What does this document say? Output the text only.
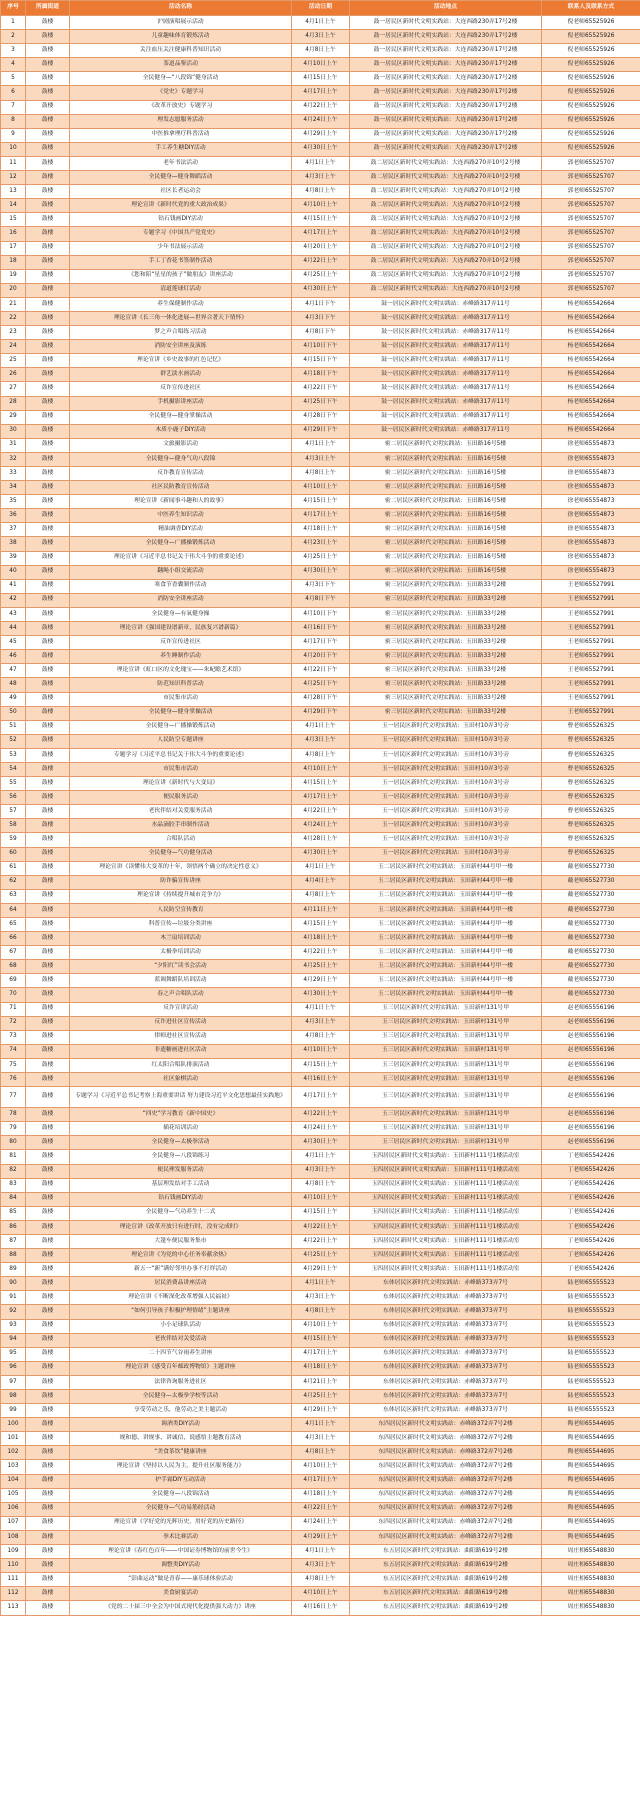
序号	所属街道	活动名称	活动日期	活动地点	联系人及联系方式
1	鼓楼	沪剧演唱展示活动	4月1日上午	鼓一居民区新时代文明实践站：大连西路230弄17号2楼	倪老师65525926
2	鼓楼	儿童趣味体育锻炼活动	4月3日上午	鼓一居民区新时代文明实践站：大连西路230弄17号2楼	倪老师65525926
3	鼓楼	关注血压关注健康科普知识活动	4月8日上午	鼓一居民区新时代文明实践站：大连西路230弄17号2楼	倪老师65525926
4	鼓楼	茶道品鉴活动	4月10日上午	鼓一居民区新时代文明实践站：大连西路230弄17号2楼	倪老师65525926
5	鼓楼	全民健身—“八段锦”健身活动	4月15日上午	鼓一居民区新时代文明实践站：大连西路230弄17号2楼	倪老师65525926
6	鼓楼	《党史》专题学习	4月17日上午	鼓一居民区新时代文明实践站：大连西路230弄17号2楼	倪老师65525926
7	鼓楼	《改革开放史》专题学习	4月22日上午	鼓一居民区新时代文明实践站：大连西路230弄17号2楼	倪老师65525926
8	鼓楼	理发志愿服务活动	4月24日上午	鼓一居民区新时代文明实践站：大连西路230弄17号2楼	倪老师65525926
9	鼓楼	中医推拿理疗科普活动	4月29日上午	鼓一居民区新时代文明实践站：大连西路230弄17号2楼	倪老师65525926
10	鼓楼	手工养生糖DIY活动	4月30日上午	鼓一居民区新时代文明实践站：大连西路230弄17号2楼	倪老师65525926
11	鼓楼	老年书法活动	4月1日上午	鼓二居民区新时代文明实践站：大连西路270弄10号2号楼	郭老师65525707
12	鼓楼	全民健身—健身舞蹈活动	4月3日上午	鼓二居民区新时代文明实践站：大连西路270弄10号2号楼	郭老师65525707
13	鼓楼	社区长者运动会	4月8日上午	鼓二居民区新时代文明实践站：大连西路270弄10号2号楼	郭老师65525707
14	鼓楼	理论宣讲《新时代党的重大政治成果》	4月10日上午	鼓二居民区新时代文明实践站：大连西路270弄10号2号楼	郭老师65525707
15	鼓楼	钻石钱画DIY活动	4月15日上午	鼓二居民区新时代文明实践站：大连西路270弄10号2号楼	郭老师65525707
16	鼓楼	专题学习《中国共产党党史》	4月17日上午	鼓二居民区新时代文明实践站：大连西路270弄10号2号楼	郭老师65525707
17	鼓楼	少年书法展示活动	4月20日上午	鼓二居民区新时代文明实践站：大连西路270弄10号2号楼	郭老师65525707
18	鼓楼	手工丁香花书签制作活动	4月22日上午	鼓二居民区新时代文明实践站：大连西路270弄10号2号楼	郭老师65525707
19	鼓楼	《您和陪“星星的孩子”做朋友》讲座活动	4月25日上午	鼓二居民区新时代文明实践站：大连西路270弄10号2号楼	郭老师65525707
20	鼓楼	清道莲球灯活动	4月30日上午	鼓二居民区新时代文明实践站：大连西路270弄10号2号楼	郭老师65525707
21	鼓楼	养生保健制作活动	4月1日下午	鼓一居民区新时代文明实践站：赤峰路317弄11号	杨老师65542664
22	鼓楼	理论宣讲《长三角一体化进展—世界合著天下情怀》	4月3日下午	鼓一居民区新时代文明实践站：赤峰路317弄11号	杨老师65542664
23	鼓楼	梦之声合唱练习活动	4月8日下午	鼓一居民区新时代文明实践站：赤峰路317弄11号	杨老师65542664
24	鼓楼	消防安全讲座及演练	4月10日下午	鼓一居民区新时代文明实践站：赤峰路317弄11号	杨老师65542664
25	鼓楼	理论宣讲《乡史故事的红色记忆》	4月15日下午	鼓一居民区新时代文明实践站：赤峰路317弄11号	杨老师65542664
26	鼓楼	群艺淡水画活动	4月18日下午	鼓一居民区新时代文明实践站：赤峰路317弄11号	杨老师65542664
27	鼓楼	反诈宣传进社区	4月22日下午	鼓一居民区新时代文明实践站：赤峰路317弄11号	杨老师65542664
28	鼓楼	手机摄影讲座活动	4月25日下午	鼓一居民区新时代文明实践站：赤峰路317弄11号	杨老师65542664
29	鼓楼	全民健身—健身掌操活动	4月28日下午	鼓一居民区新时代文明实践站：赤峰路317弄11号	杨老师65542664
30	鼓楼	木质小鹿子DIY活动	4月29日下午	鼓一居民区新时代文明实践站：赤峰路317弄11号	杨老师65542664
31	鼓楼	文旅摄影活动	4月1日上午	密二居民区新时代文明实践站：玉田路16号5楼	徐老师65554873
32	鼓楼	全民健身—健身气功八段锦	4月3日上午	密二居民区新时代文明实践站：玉田路16号5楼	徐老师65554873
33	鼓楼	反诈教育宣传活动	4月8日上午	密二居民区新时代文明实践站：玉田路16号5楼	徐老师65554873
34	鼓楼	社区民防教育宣传活动	4月10日上午	密二居民区新时代文明实践站：玉田路16号5楼	徐老师65554873
35	鼓楼	理论宣讲《新闻事斗趣和人的故事》	4月15日上午	密二居民区新时代文明实践站：玉田路16号5楼	徐老师65554873
36	鼓楼	中医养生知识活动	4月17日上午	密二居民区新时代文明实践站：玉田路16号5楼	徐老师65554873
37	鼓楼	精油调香DIY活动	4月18日上午	密二居民区新时代文明实践站：玉田路16号5楼	徐老师65554873
38	鼓楼	全民健身—广播操锻炼活动	4月23日上午	密二居民区新时代文明实践站：玉田路16号5楼	徐老师65554873
39	鼓楼	理论宣讲《习近平总书记关于伟大斗争的重要论述》	4月25日上午	密二居民区新时代文明实践站：玉田路16号5楼	徐老师65554873
40	鼓楼	翻绳小组交流活动	4月30日上午	密二居民区新时代文明实践站：玉田路16号5楼	徐老师65554873
41	鼓楼	寒食节香囊制作活动	4月3日下午	密三居民区新时代文明实践站：玉田路33号2楼	王老师65527991
42	鼓楼	消防安全讲座活动	4月8日下午	密三居民区新时代文明实践站：玉田路33号2楼	王老师65527991
43	鼓楼	全民健身—有氧健身操	4月10日下午	密三居民区新时代文明实践站：玉田路33号2楼	王老师65527991
44	鼓楼	理论宣讲《强国建设谱新章，民族复兴谱新篇》	4月16日下午	密三居民区新时代文明实践站：玉田路33号2楼	王老师65527991
45	鼓楼	反诈宣传进社区	4月17日下午	密三居民区新时代文明实践站：玉田路33号2楼	王老师65527991
46	鼓楼	养生睡制作活动	4月20日下午	密三居民区新时代文明实践站：玉田路33号2楼	王老师65527991
47	鼓楼	理论宣讲《虹口区的文化瑰宝——朱屺瞻艺术馆》	4月22日下午	密三居民区新时代文明实践站：玉田路33号2楼	王老师65527991
48	鼓楼	防范知识科普活动	4月25日下午	密三居民区新时代文明实践站：玉田路33号2楼	王老师65527991
49	鼓楼	市民集市活动	4月28日下午	密三居民区新时代文明实践站：玉田路33号2楼	王老师65527991
50	鼓楼	全民健身—健身掌操活动	4月29日下午	密三居民区新时代文明实践站：玉田路33号2楼	王老师65527991
51	鼓楼	全民健身—广播操锻炼活动	4月1日上午	玉一居民区新时代文明实践站：玉田村10弄3号旁	曹老师65526325
52	鼓楼	人民防空专题讲座	4月3日上午	玉一居民区新时代文明实践站：玉田村10弄3号旁	曹老师65526325
53	鼓楼	专题学习《习近平总书记关于伟大斗争的重要论述》	4月8日上午	玉一居民区新时代文明实践站：玉田村10弄3号旁	曹老师65526325
54	鼓楼	市民集市活动	4月10日上午	玉一居民区新时代文明实践站：玉田村10弄3号旁	曹老师65526325
55	鼓楼	理论宣讲《新时代与大变局》	4月15日上午	玉一居民区新时代文明实践站：玉田村10弄3号旁	曹老师65526325
56	鼓楼	便民服务活动	4月17日上午	玉一居民区新时代文明实践站：玉田村10弄3号旁	曹老师65526325
57	鼓楼	老伙伴结对关爱服务活动	4月22日上午	玉一居民区新时代文明实践站：玉田村10弄3号旁	曹老师65526325
58	鼓楼	水晶滴胶手串制作活动	4月24日上午	玉一居民区新时代文明实践站：玉田村10弄3号旁	曹老师65526325
59	鼓楼	合唱队活动	4月28日上午	玉一居民区新时代文明实践站：玉田村10弄3号旁	曹老师65526325
60	鼓楼	全民健身—气功健身活动	4月30日上午	玉一居民区新时代文明实践站：玉田村10弄3号旁	曹老师65526325
61	鼓楼	理论宣讲《读懂伟大变革的十年，领悟两个确立的决定性意义》	4月1日上午	玉二居民区新时代文明实践站：玉田新村44号甲一楼	戴老师65527730
62	鼓楼	防诈骗宣传讲座	4月4日上午	玉二居民区新时代文明实践站：玉田新村44号甲一楼	戴老师65527730
63	鼓楼	理论宣讲《持续提升城市竞争力》	4月8日上午	玉二居民区新时代文明实践站：玉田新村44号甲一楼	戴老师65527730
64	鼓楼	人民防空宣传教育	4月11日上午	玉二居民区新时代文明实践站：玉田新村44号甲一楼	戴老师65527730
65	鼓楼	科普宣传—垃圾分类讲座	4月15日上午	玉二居民区新时代文明实践站：玉田新村44号甲一楼	戴老师65527730
66	鼓楼	木兰扇培训活动	4月18日上午	玉二居民区新时代文明实践站：玉田新村44号甲一楼	戴老师65527730
67	鼓楼	太极拳培训活动	4月22日上午	玉二居民区新时代文明实践站：玉田新村44号甲一楼	戴老师65527730
68	鼓楼	“夕阳红”读书会活动	4月25日上午	玉二居民区新时代文明实践站：玉田新村44号甲一楼	戴老师65527730
69	鼓楼	蓝调舞蹈队培训活动	4月29日上午	玉二居民区新时代文明实践站：玉田新村44号甲一楼	戴老师65527730
70	鼓楼	春之声合唱队活动	4月30日上午	玉二居民区新时代文明实践站：玉田新村44号甲一楼	戴老师65527730
71	鼓楼	反诈宣讲活动	4月1日上午	玉三居民区新时代文明实践站：玉田新村131号甲	赵老师65556196
72	鼓楼	反诈进社区宣传活动	4月3日上午	玉三居民区新时代文明实践站：玉田新村131号甲	赵老师65556196
73	鼓楼	律师进社区宣传活动	4月8日上午	玉三居民区新时代文明实践站：玉田新村131号甲	赵老师65556196
74	鼓楼	非遗糖画进社区活动	4月10日上午	玉三居民区新时代文明实践站：玉田新村131号甲	赵老师65556196
75	鼓楼	红太阳合唱队排演活动	4月15日上午	玉三居民区新时代文明实践站：玉田新村131号甲	赵老师65556196
76	鼓楼	社区象棋活动	4月16日上午	玉三居民区新时代文明实践站：玉田新村131号甲	赵老师65556196
77	鼓楼	专题学习《习近平总书记考察上海重要讲话 努力建设习近平文化思想最佳实践地》	4月17日上午	玉三居民区新时代文明实践站：玉田新村131号甲	赵老师65556196
78	鼓楼	“四史”学习教育《新中国史》	4月22日上午	玉三居民区新时代文明实践站：玉田新村131号甲	赵老师65556196
79	鼓楼	插花培训活动	4月24日上午	玉三居民区新时代文明实践站：玉田新村131号甲	赵老师65556196
80	鼓楼	全民健身—太极拳活动	4月30日上午	玉三居民区新时代文明实践站：玉田新村131号甲	赵老师65556196
81	鼓楼	全民健身—八段锦练习	4月1日上午	玉四居民区新时代文明实践站：玉田新村111号1楼活动室	丁老师65542426
82	鼓楼	便民理发服务活动	4月3日上午	玉四居民区新时代文明实践站：玉田新村111号1楼活动室	丁老师65542426
83	鼓楼	基层理发结对手工活动	4月8日上午	玉四居民区新时代文明实践站：玉田新村111号1楼活动室	丁老师65542426
84	鼓楼	钻石钱画DIY活动	4月10日上午	玉四居民区新时代文明实践站：玉田新村111号1楼活动室	丁老师65542426
85	鼓楼	全民健身—气功养生十二式	4月15日上午	玉四居民区新时代文明实践站：玉田新村111号1楼活动室	丁老师65542426
86	鼓楼	理论宣讲《改革开放只有进行时，没有完成时》	4月22日上午	玉四居民区新时代文明实践站：玉田新村111号1楼活动室	丁老师65542426
87	鼓楼	大篷车便民服务集市	4月22日上午	玉四居民区新时代文明实践站：玉田新村111号1楼活动室	丁老师65542426
88	鼓楼	理论宣讲《为党的中心任务奉献余热》	4月25日上午	玉四居民区新时代文明实践站：玉田新村111号1楼活动室	丁老师65542426
89	鼓楼	新五一“新”满好邻里办事不打烊活动	4月29日上午	玉四居民区新时代文明实践站：玉田新村111号1楼活动室	丁老师65542426
90	鼓楼	居民消费品讲座活动	4月1日上午	东体居民区新时代文明实践站：赤峰路373弄7号	陆老师65555523
91	鼓楼	理论宣讲《不断深化改革增强人民福祉》	4月3日上午	东体居民区新时代文明实践站：赤峰路373弄7号	陆老师65555523
92	鼓楼	“如何引导孩子积极护理情绪”主题讲座	4月8日上午	东体居民区新时代文明实践站：赤峰路373弄7号	陆老师65555523
93	鼓楼	小小足球队活动	4月10日上午	东体居民区新时代文明实践站：赤峰路373弄7号	陆老师65555523
94	鼓楼	老伙伴结对关爱活动	4月15日上午	东体居民区新时代文明实践站：赤峰路373弄7号	陆老师65555523
95	鼓楼	二十四节气谷雨养生讲座	4月17日上午	东体居民区新时代文明实践站：赤峰路373弄7号	陆老师65555523
96	鼓楼	理论宣讲《感受百年邮政博物馆》主题讲座	4月18日上午	东体居民区新时代文明实践站：赤峰路373弄7号	陆老师65555523
97	鼓楼	法律咨询服务进社区	4月21日上午	东体居民区新时代文明实践站：赤峰路373弄7号	陆老师65555523
98	鼓楼	全民健身—太极拳学校等活动	4月25日上午	东体居民区新时代文明实践站：赤峰路373弄7号	陆老师65555523
99	鼓楼	享受劳动之乐，他劳动之美主题活动	4月29日上午	东体居民区新时代文明实践站：赤峰路373弄7号	陆老师65555523
100	鼓楼	调酒类DIY活动	4月1日上午	东四居民区新时代文明实践站：赤峰路372弄7号2楼	陶老师65544695
101	鼓楼	规和德、讲规事、讲诚信、说感悟主题教育活动	4月3日上午	东四居民区新时代文明实践站：赤峰路372弄7号2楼	陶老师65544695
102	鼓楼	“美食茶饮”健康讲座	4月8日上午	东四居民区新时代文明实践站：赤峰路372弄7号2楼	陶老师65544695
103	鼓楼	理论宣讲《坚持以人民为主，提升社区服务能力》	4月10日上午	东四居民区新时代文明实践站：赤峰路372弄7号2楼	陶老师65544695
104	鼓楼	护手霜DIY互动活动	4月17日上午	东四居民区新时代文明实践站：赤峰路372弄7号2楼	陶老师65544695
105	鼓楼	全民健身—八段锦活动	4月18日上午	东四居民区新时代文明实践站：赤峰路372弄7号2楼	陶老师65544695
106	鼓楼	全民健身—气功易筋经活动	4月22日上午	东四居民区新时代文明实践站：赤峰路372弄7号2楼	陶老师65544695
107	鼓楼	理论宣讲《学好党的光辉历史，用好党的历史路径》	4月24日上午	东四居民区新时代文明实践站：赤峰路372弄7号2楼	陶老师65544695
108	鼓楼	拳术比赛活动	4月29日上午	东四居民区新时代文明实践站：赤峰路372弄7号2楼	陶老师65544695
109	鼓楼	理论宣讲《春红色百年——中国证券博物馆的前世今生》	4月1日上午	东五居民区新时代文明实践站：曲阳路619号2楼	周庄相65548830
110	鼓楼	调整类DIY活动	4月3日上午	东五居民区新时代文明实践站：曲阳路619号2楼	周庄相65548830
111	鼓楼	“彭曲运动”做是青春——康乐球体验活动	4月8日上午	东五居民区新时代文明实践站：曲阳路619号2楼	周庄相65548830
112	鼓楼	美食厨宴活动	4月10日上午	东五居民区新时代文明实践站：曲阳路619号2楼	周庄相65548830
113	鼓楼	《党的二十届三中全会为中国式现代化提供强大动力》讲座	4月16日上午	东五居民区新时代文明实践站：曲阳路619号2楼	周庄相65548830
